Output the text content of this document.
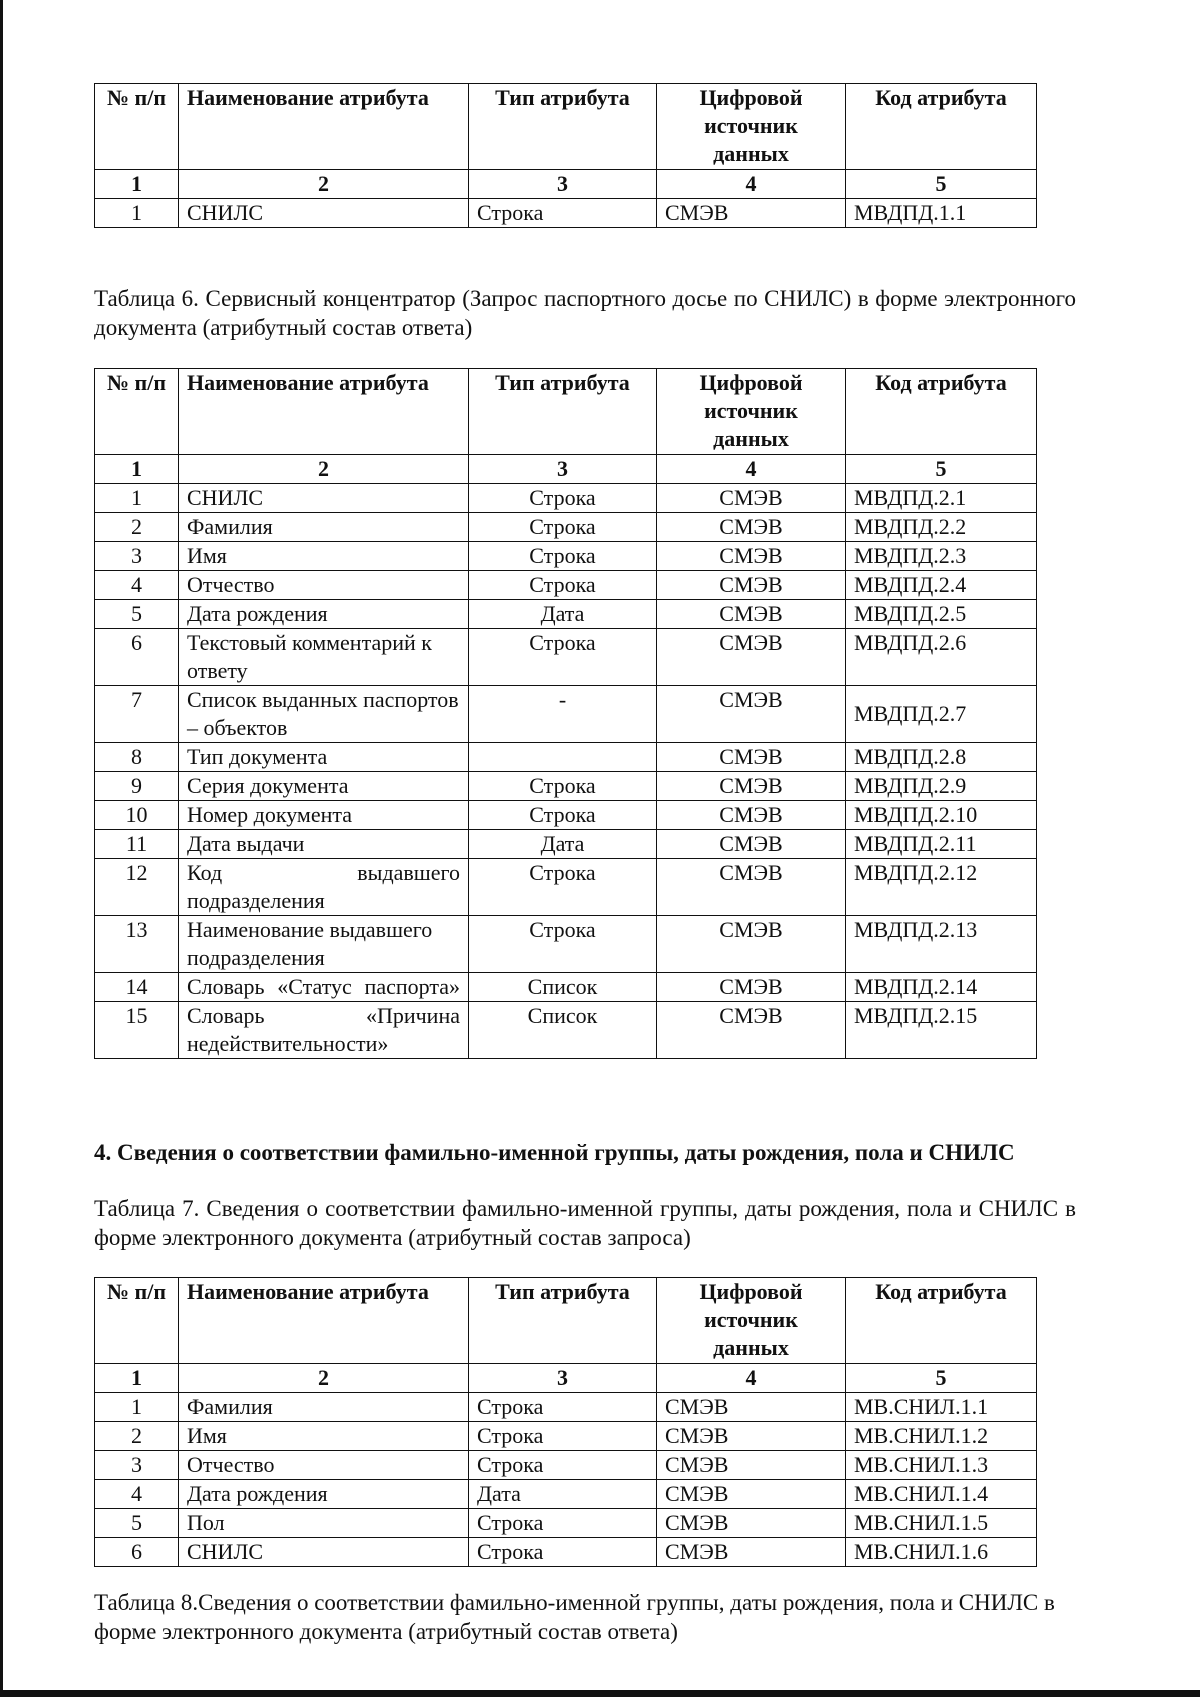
№ п/п	Наименование атрибута	Тип атрибута	Цифровой источник данных	Код атрибута
1	2	3	4	5
1	СНИЛС	Строка	СМЭВ	МВДПД.1.1
Таблица 6. Сервисный концентратор (Запрос паспортного досье по СНИЛС) в форме электронного документа (атрибутный состав ответа)
№ п/п	Наименование атрибута	Тип атрибута	Цифровой источник данных	Код атрибута
1	2	3	4	5
1	СНИЛС	Строка	СМЭВ	МВДПД.2.1
2	Фамилия	Строка	СМЭВ	МВДПД.2.2
3	Имя	Строка	СМЭВ	МВДПД.2.3
4	Отчество	Строка	СМЭВ	МВДПД.2.4
5	Дата рождения	Дата	СМЭВ	МВДПД.2.5
6	Текстовый комментарий к ответу	Строка	СМЭВ	МВДПД.2.6
7	Список выданных паспортов – объектов	-	СМЭВ	МВДПД.2.7
8	Тип документа		СМЭВ	МВДПД.2.8
9	Серия документа	Строка	СМЭВ	МВДПД.2.9
10	Номер документа	Строка	СМЭВ	МВДПД.2.10
11	Дата выдачи	Дата	СМЭВ	МВДПД.2.11
12	Код выдавшего подразделения	Строка	СМЭВ	МВДПД.2.12
13	Наименование выдавшего подразделения	Строка	СМЭВ	МВДПД.2.13
14	Словарь «Статус паспорта»	Список	СМЭВ	МВДПД.2.14
15	Словарь «Причина недействительности»	Список	СМЭВ	МВДПД.2.15
4. Сведения о соответствии фамильно-именной группы, даты рождения, пола и СНИЛС
Таблица 7. Сведения о соответствии фамильно-именной группы, даты рождения, пола и СНИЛС в форме электронного документа (атрибутный состав запроса)
№ п/п	Наименование атрибута	Тип атрибута	Цифровой источник данных	Код атрибута
1	2	3	4	5
1	Фамилия	Строка	СМЭВ	МВ.СНИЛ.1.1
2	Имя	Строка	СМЭВ	МВ.СНИЛ.1.2
3	Отчество	Строка	СМЭВ	МВ.СНИЛ.1.3
4	Дата рождения	Дата	СМЭВ	МВ.СНИЛ.1.4
5	Пол	Строка	СМЭВ	МВ.СНИЛ.1.5
6	СНИЛС	Строка	СМЭВ	МВ.СНИЛ.1.6
Таблица 8.Сведения о соответствии фамильно-именной группы, даты рождения, пола и СНИЛС в форме электронного документа (атрибутный состав ответа)
